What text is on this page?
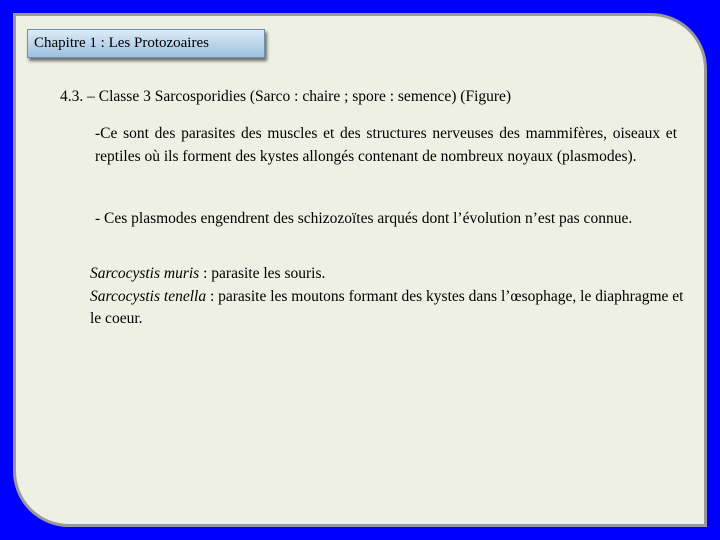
Chapitre 1 : Les Protozoaires
4.3. – Classe 3 Sarcosporidies (Sarco : chaire ; spore : semence) (Figure)
-Ce sont des parasites des muscles et des structures nerveuses des mammifères, oiseaux et reptiles où ils forment des kystes allongés contenant de nombreux noyaux (plasmodes).
- Ces plasmodes engendrent des schizozoïtes arqués dont l’évolution n’est pas connue.
Sarcocystis muris : parasite les souris.
Sarcocystis tenella : parasite les moutons formant des kystes dans l’œsophage, le diaphragme et le coeur.
